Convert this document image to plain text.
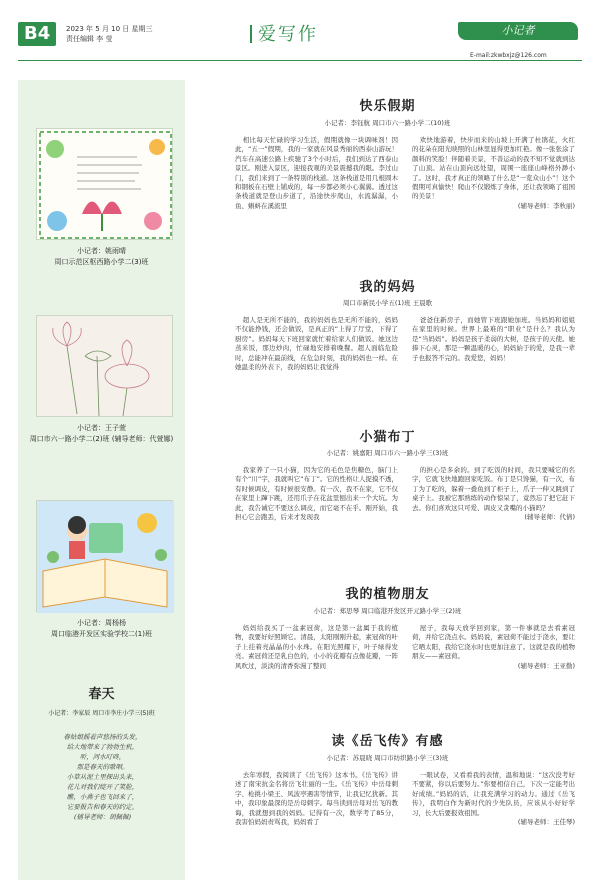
B4	2023 年 5 月 10 日 星期三
责任编辑 李 莹	爱写作	小记者
E-mail:zkwbxjz@126.com
小记者：姚雨晴
周口示范区枢西路小学二(3)班
小记者：王子萱
周口市六一路小学二(2)班 (辅导老师：代萱娜)
小记者：周杨杨
周口临港开发区实验学校二(1)班
春天
小记者：李家辰 周口市李庄小学三(5)班
春姑娘摇着声悠扬的头发，
给大地带来了勃勃生机。
听，河水叮咚，
那是春天的歌唱。
小草从泥土里探出头来，
花儿对我们绽开了笑脸，
瞧，小燕子也飞回来了，
它要报告和春天的约定。
(辅导老师：胡佩佩)
快乐假期
小记者：李钰航 周口市六一路小学二(10)班
相比每天忙碌的学习生活，假期就像一块调味剂！因此，“五一”假期，我的一家就在风景秀丽的西泰山游玩！汽车在高速公路上疾驰了3个小时后，我们到达了西泰山景区。刚进入景区，迎接我观的美景震撼我的眼。李过山门，我们来到了一条特别的栈道。这条栈道是用几根圆木和钢板在石壁上铺成的，每一步都必须小心翼翼。透过这条栈道就是登山步道了，沿途快步爬山，水流潺潺，小鱼、蝌蚪在溪流里
欢快地游着，快步而来的山坡上开满了杜鹃花，火红的花朵在阳光映照的山林里显得更加红艳。像一张张涂了颜料的笑脸！伴随着美景，不善运动的我不知不觉就到达了山顶。站在山顶向远处望，周围一座座山峰格外渺小了。这时，我才真正的领略了什么是“一览众山小”！这个假期可真愉快！爬山不仅锻炼了身体，还让我领略了祖国的美景！
(辅导老师：李秋丽)
我的妈妈
周口市新民小学五(1)班 王晨歌
超人是无所不能的，我的妈妈也是无所不能的，妈妈不仅能挣钱，还会做饭，是真正的“上得了厅堂，下得了厨房”。妈妈每天下班回家就忙着给家人们做饭。她这边蒸米饭，那边炒肉，忙碌地安排着晚餐。超人面临危险时，总能冲在最前线，在危急时刻，我的妈妈也一样。在她温柔的外表下，我的妈妈让我觉得
爸爸住新房子，而她管下班跟她加班。当妈妈和姐姐在家里的时候。世界上最难的“职业”是什么？我认为是“当妈妈”。妈妈是孩子柔弱的大树，是孩子的天使。她捧下心灵，那是一颗温暖的心，妈妈始于的爱，是我一辈子也报答不完的。我爱您，妈妈！
小猫布丁
小记者：姚嘉阳 周口市六一路小学三(3)班
我家养了一只小猫，因为它的毛色是焦糖色，脑门上有个“川”字，我就叫它“布丁”。它的性格让人捉摸不透，有时候调皮，有时候很安静。有一次，我不在家，它不仅在家里上蹿下跳，还用爪子在花盆里刨出来一个大坑。为此，我告诫它不要这么调皮，而它毫不在乎。刚开始，我担心它会跑丢，后来才发现我
的担心是多余的。到了吃饭的时间，我只要喊它的名字，它就飞快地跑回家吃饭。布丁是只馋猫，有一次，布丁为了吃的，躲着一叠鱼到了柜子上，爪子一伸又跳到了桌子上。我被它那熟练的动作惊呆了，竟然忘了把它赶下去。你们喜欢这只可爱、调皮又贪嘴的小猫吗？
(辅导老师：代倩)
我的植物朋友
小记者：郑思琴 周口临港开发区开元路小学三(2)班
妈妈给我买了一盆素冠荷，这是第一盆属于我的植物，我要好好照顾它。清晨，太阳刚刚升起，素冠荷的叶子上挂着亮晶晶的小水珠。在阳光照耀下，叶子绿得发亮。素冠荷还是乳白色的，小小的花瓣有点像花瓣，一阵风吹过，淡淡的清香弥漫了整间
屋子，我每天放学回到家，第一件事就是去看素冠荷，并给它浇点水。妈妈说，素冠荷不能过于浇水，要让它晒太阳，我给它浇水时也更加注意了。这就是我的植物朋友——素冠荷。
(辅导老师：王亚勤)
读《岳飞传》有感
小记者：苏晨晓 周口市纺织路小学三(3)班
去年寒假，我阅读了《岳飞传》这本书。《岳飞传》讲述了南宋抗金名将岳飞壮丽的一生。《岳飞传》中岳母刺字、枪挑小梁王、风波亭遇害等情节，让我记忆犹新。其中，我印象最深的是岳母刺字。每当读到岳母对岳飞的教诲，我就想到我的妈妈。记得有一次，数学考了85分，我害怕妈妈责骂我，妈妈看了
一眼试卷，又看看我的表情，温和地说：“这次没考好不要紧，你以后要努力。”你要相信自己，下次一定能考出好成绩。”妈妈的话，让我充满学习的动力。通过《岳飞传》，我明白作为新时代的少先队员，应该从小好好学习，长大后要报效祖国。
(辅导老师：王佳琴)
